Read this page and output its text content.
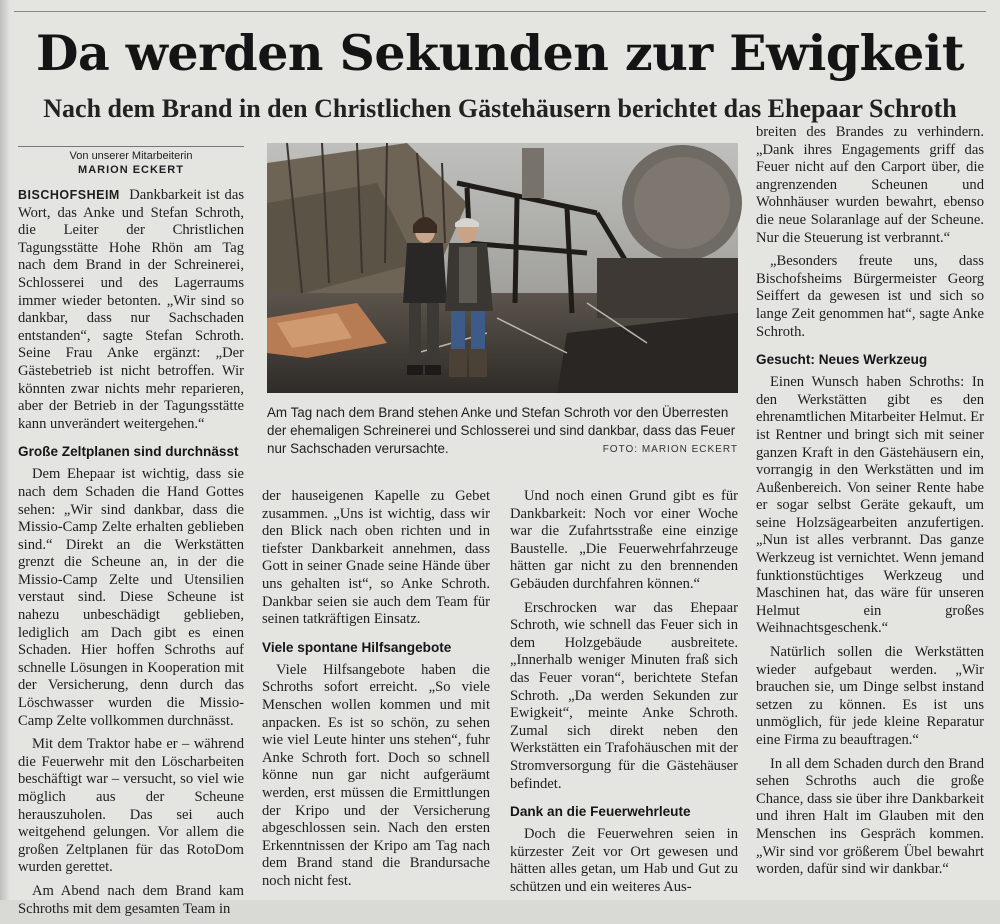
Da werden Sekunden zur Ewigkeit
Nach dem Brand in den Christlichen Gästehäusern berichtet das Ehepaar Schroth
Von unserer Mitarbeiterin
MARION ECKERT

BISCHOFSHEIM Dankbarkeit ist das Wort, das Anke und Stefan Schroth, die Leiter der Christlichen Tagungsstätte Hohe Rhön am Tag nach dem Brand in der Schreinerei, Schlosserei und des Lagerraums immer wieder betonten. „Wir sind so dankbar, dass nur Sachschaden entstanden“, sagte Stefan Schroth. Seine Frau Anke ergänzt: „Der Gästebetrieb ist nicht betroffen. Wir könnten zwar nichts mehr reparieren, aber der Betrieb in der Tagungsstätte kann unverändert weitergehen.“

Große Zeltplanen sind durchnässt

Dem Ehepaar ist wichtig, dass sie nach dem Schaden die Hand Gottes sehen: „Wir sind dankbar, dass die Missio-Camp Zelte erhalten geblieben sind.“ Direkt an die Werkstätten grenzt die Scheune an, in der die Missio-Camp Zelte und Utensilien verstaut sind. Diese Scheune ist nahezu unbeschädigt geblieben, lediglich am Dach gibt es einen Schaden. Hier hoffen Schroths auf schnelle Lösungen in Kooperation mit der Versicherung, denn durch das Löschwasser wurden die Missio-Camp Zelte vollkommen durchnässt.

Mit dem Traktor habe er – während die Feuerwehr mit den Löscharbeiten beschäftigt war – versucht, so viel wie möglich aus der Scheune herauszuholen. Das sei auch weitgehend gelungen. Vor allem die großen Zeltplanen für das RotoDom wurden gerettet.

Am Abend nach dem Brand kam Schroths mit dem gesamten Team in

Am Tag nach dem Brand stehen Anke und Stefan Schroth vor den Überresten der ehemaligen Schreinerei und Schlosserei und sind dankbar, dass das Feuer nur Sachschaden verursachte.	FOTO: MARION ECKERT

der hauseigenen Kapelle zu Gebet zusammen. „Uns ist wichtig, dass wir den Blick nach oben richten und in tiefster Dankbarkeit annehmen, dass Gott in seiner Gnade seine Hände über uns gehalten ist“, so Anke Schroth. Dankbar seien sie auch dem Team für seinen tatkräftigen Einsatz.

Viele spontane Hilfsangebote

Viele Hilfsangebote haben die Schroths sofort erreicht. „So viele Menschen wollen kommen und mit anpacken. Es ist so schön, zu sehen wie viel Leute hinter uns stehen“, fuhr Anke Schroth fort. Doch so schnell könne nun gar nicht aufgeräumt werden, erst müssen die Ermittlungen der Kripo und der Versicherung abgeschlossen sein. Nach den ersten Erkenntnissen der Kripo am Tag nach dem Brand stand die Brandursache noch nicht fest.

Und noch einen Grund gibt es für Dankbarkeit: Noch vor einer Woche war die Zufahrtsstraße eine einzige Baustelle. „Die Feuerwehrfahrzeuge hätten gar nicht zu den brennenden Gebäuden durchfahren können.“

Erschrocken war das Ehepaar Schroth, wie schnell das Feuer sich in dem Holzgebäude ausbreitete. „Innerhalb weniger Minuten fraß sich das Feuer voran“, berichtete Stefan Schroth. „Da werden Sekunden zur Ewigkeit“, meinte Anke Schroth. Zumal sich direkt neben den Werkstätten ein Trafohäuschen mit der Stromversorgung für die Gästehäuser befindet.

Dank an die Feuerwehrleute

Doch die Feuerwehren seien in kürzester Zeit vor Ort gewesen und hätten alles getan, um Hab und Gut zu schützen und ein weiteres Aus-

breiten des Brandes zu verhindern. „Dank ihres Engagements griff das Feuer nicht auf den Carport über, die angrenzenden Scheunen und Wohnhäuser wurden bewahrt, ebenso die neue Solaranlage auf der Scheune. Nur die Steuerung ist verbrannt.“

„Besonders freute uns, dass Bischofsheims Bürgermeister Georg Seiffert da gewesen ist und sich so lange Zeit genommen hat“, sagte Anke Schroth.

Gesucht: Neues Werkzeug

Einen Wunsch haben Schroths: In den Werkstätten gibt es den ehrenamtlichen Mitarbeiter Helmut. Er ist Rentner und bringt sich mit seiner ganzen Kraft in den Gästehäusern ein, vorrangig in den Werkstätten und im Außenbereich. Von seiner Rente habe er sogar selbst Geräte gekauft, um seine Holzsägearbeiten anzufertigen. „Nun ist alles verbrannt. Das ganze Werkzeug ist vernichtet. Wenn jemand funktionstüchtiges Werkzeug und Maschinen hat, das wäre für unseren Helmut ein großes Weihnachtsgeschenk.“

Natürlich sollen die Werkstätten wieder aufgebaut werden. „Wir brauchen sie, um Dinge selbst instand setzen zu können. Es ist uns unmöglich, für jede kleine Reparatur eine Firma zu beauftragen.“

In all dem Schaden durch den Brand sehen Schroths auch die große Chance, dass sie über ihre Dankbarkeit und ihren Halt im Glauben mit den Menschen ins Gespräch kommen. „Wir sind vor größerem Übel bewahrt worden, dafür sind wir dankbar.“
